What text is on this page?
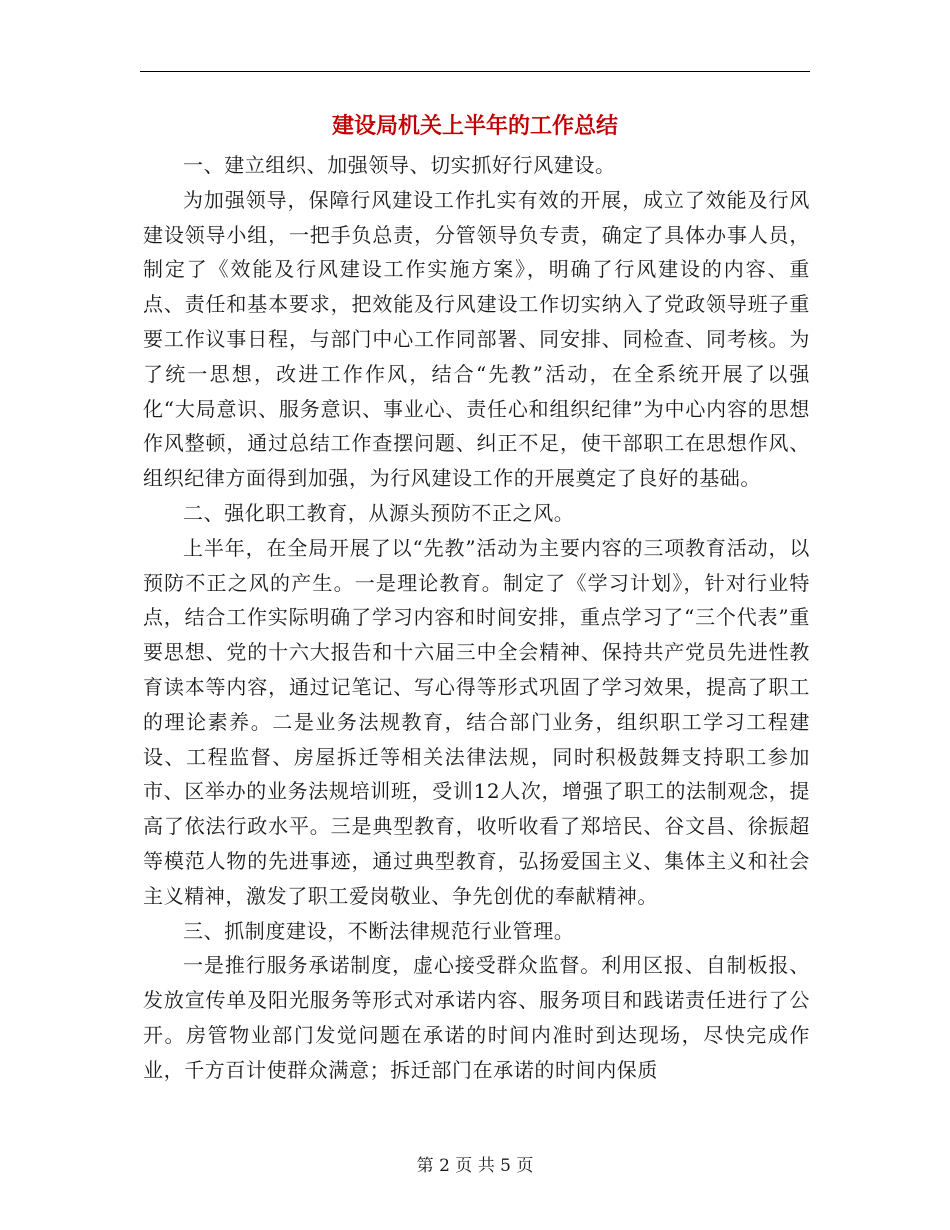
建设局机关上半年的工作总结

一、建立组织、加强领导、切实抓好行风建设。

为加强领导，保障行风建设工作扎实有效的开展，成立了效能及行风建设领导小组，一把手负总责，分管领导负专责，确定了具体办事人员，制定了《效能及行风建设工作实施方案》，明确了行风建设的内容、重点、责任和基本要求，把效能及行风建设工作切实纳入了党政领导班子重要工作议事日程，与部门中心工作同部署、同安排、同检查、同考核。为了统一思想，改进工作作风，结合“先教”活动，在全系统开展了以强化“大局意识、服务意识、事业心、责任心和组织纪律”为中心内容的思想作风整顿，通过总结工作查摆问题、纠正不足，使干部职工在思想作风、组织纪律方面得到加强，为行风建设工作的开展奠定了良好的基础。

二、强化职工教育，从源头预防不正之风。

上半年，在全局开展了以“先教”活动为主要内容的三项教育活动，以预防不正之风的产生。一是理论教育。制定了《学习计划》，针对行业特点，结合工作实际明确了学习内容和时间安排，重点学习了“三个代表”重要思想、党的十六大报告和十六届三中全会精神、保持共产党员先进性教育读本等内容，通过记笔记、写心得等形式巩固了学习效果，提高了职工的理论素养。二是业务法规教育，结合部门业务，组织职工学习工程建设、工程监督、房屋拆迁等相关法律法规，同时积极鼓舞支持职工参加市、区举办的业务法规培训班，受训12人次，增强了职工的法制观念，提高了依法行政水平。三是典型教育，收听收看了郑培民、谷文昌、徐振超等模范人物的先进事迹，通过典型教育，弘扬爱国主义、集体主义和社会主义精神，激发了职工爱岗敬业、争先创优的奉献精神。

三、抓制度建设，不断法律规范行业管理。

一是推行服务承诺制度，虚心接受群众监督。利用区报、自制板报、发放宣传单及阳光服务等形式对承诺内容、服务项目和践诺责任进行了公开。房管物业部门发觉问题在承诺的时间内准时到达现场，尽快完成作业，千方百计使群众满意；拆迁部门在承诺的时间内保质

第 2 页 共 5 页
